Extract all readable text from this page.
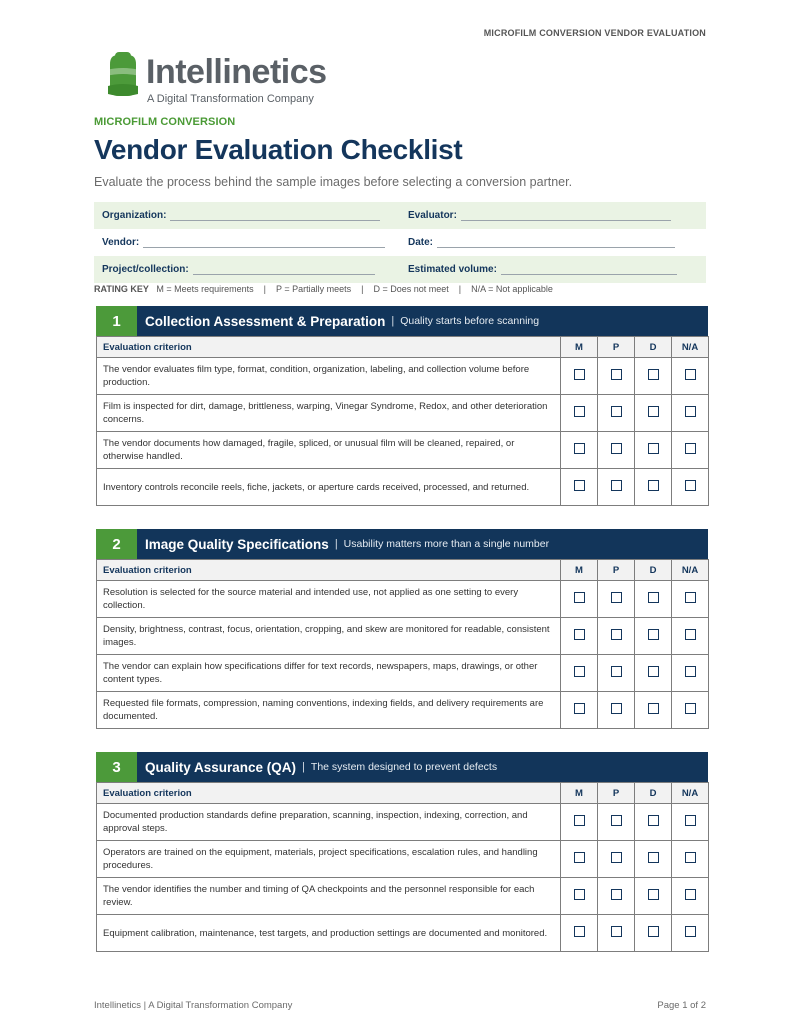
MICROFILM CONVERSION VENDOR EVALUATION
Intellinetics
A Digital Transformation Company
MICROFILM CONVERSION
Vendor Evaluation Checklist
Evaluate the process behind the sample images before selecting a conversion partner.
Organization:	Evaluator:
Vendor:	Date:
Project/collection:	Estimated volume:
RATING KEY M = Meets requirements    |    P = Partially meets    |    D = Does not meet    |    N/A = Not applicable
1	Collection Assessment & Preparation | Quality starts before scanning
Evaluation criterion	M	P	D	N/A
The vendor evaluates film type, format, condition, organization, labeling, and collection volume before production.				
Film is inspected for dirt, damage, brittleness, warping, Vinegar Syndrome, Redox, and other deterioration concerns.				
The vendor documents how damaged, fragile, spliced, or unusual film will be cleaned, repaired, or otherwise handled.				
Inventory controls reconcile reels, fiche, jackets, or aperture cards received, processed, and returned.				
2	Image Quality Specifications | Usability matters more than a single number
Evaluation criterion	M	P	D	N/A
Resolution is selected for the source material and intended use, not applied as one setting to every collection.				
Density, brightness, contrast, focus, orientation, cropping, and skew are monitored for readable, consistent images.				
The vendor can explain how specifications differ for text records, newspapers, maps, drawings, or other content types.				
Requested file formats, compression, naming conventions, indexing fields, and delivery requirements are documented.				
3	Quality Assurance (QA) | The system designed to prevent defects
Evaluation criterion	M	P	D	N/A
Documented production standards define preparation, scanning, inspection, indexing, correction, and approval steps.				
Operators are trained on the equipment, materials, project specifications, escalation rules, and handling procedures.				
The vendor identifies the number and timing of QA checkpoints and the personnel responsible for each review.				
Equipment calibration, maintenance, test targets, and production settings are documented and monitored.				
Intellinetics | A Digital Transformation Company	Page 1 of 2
